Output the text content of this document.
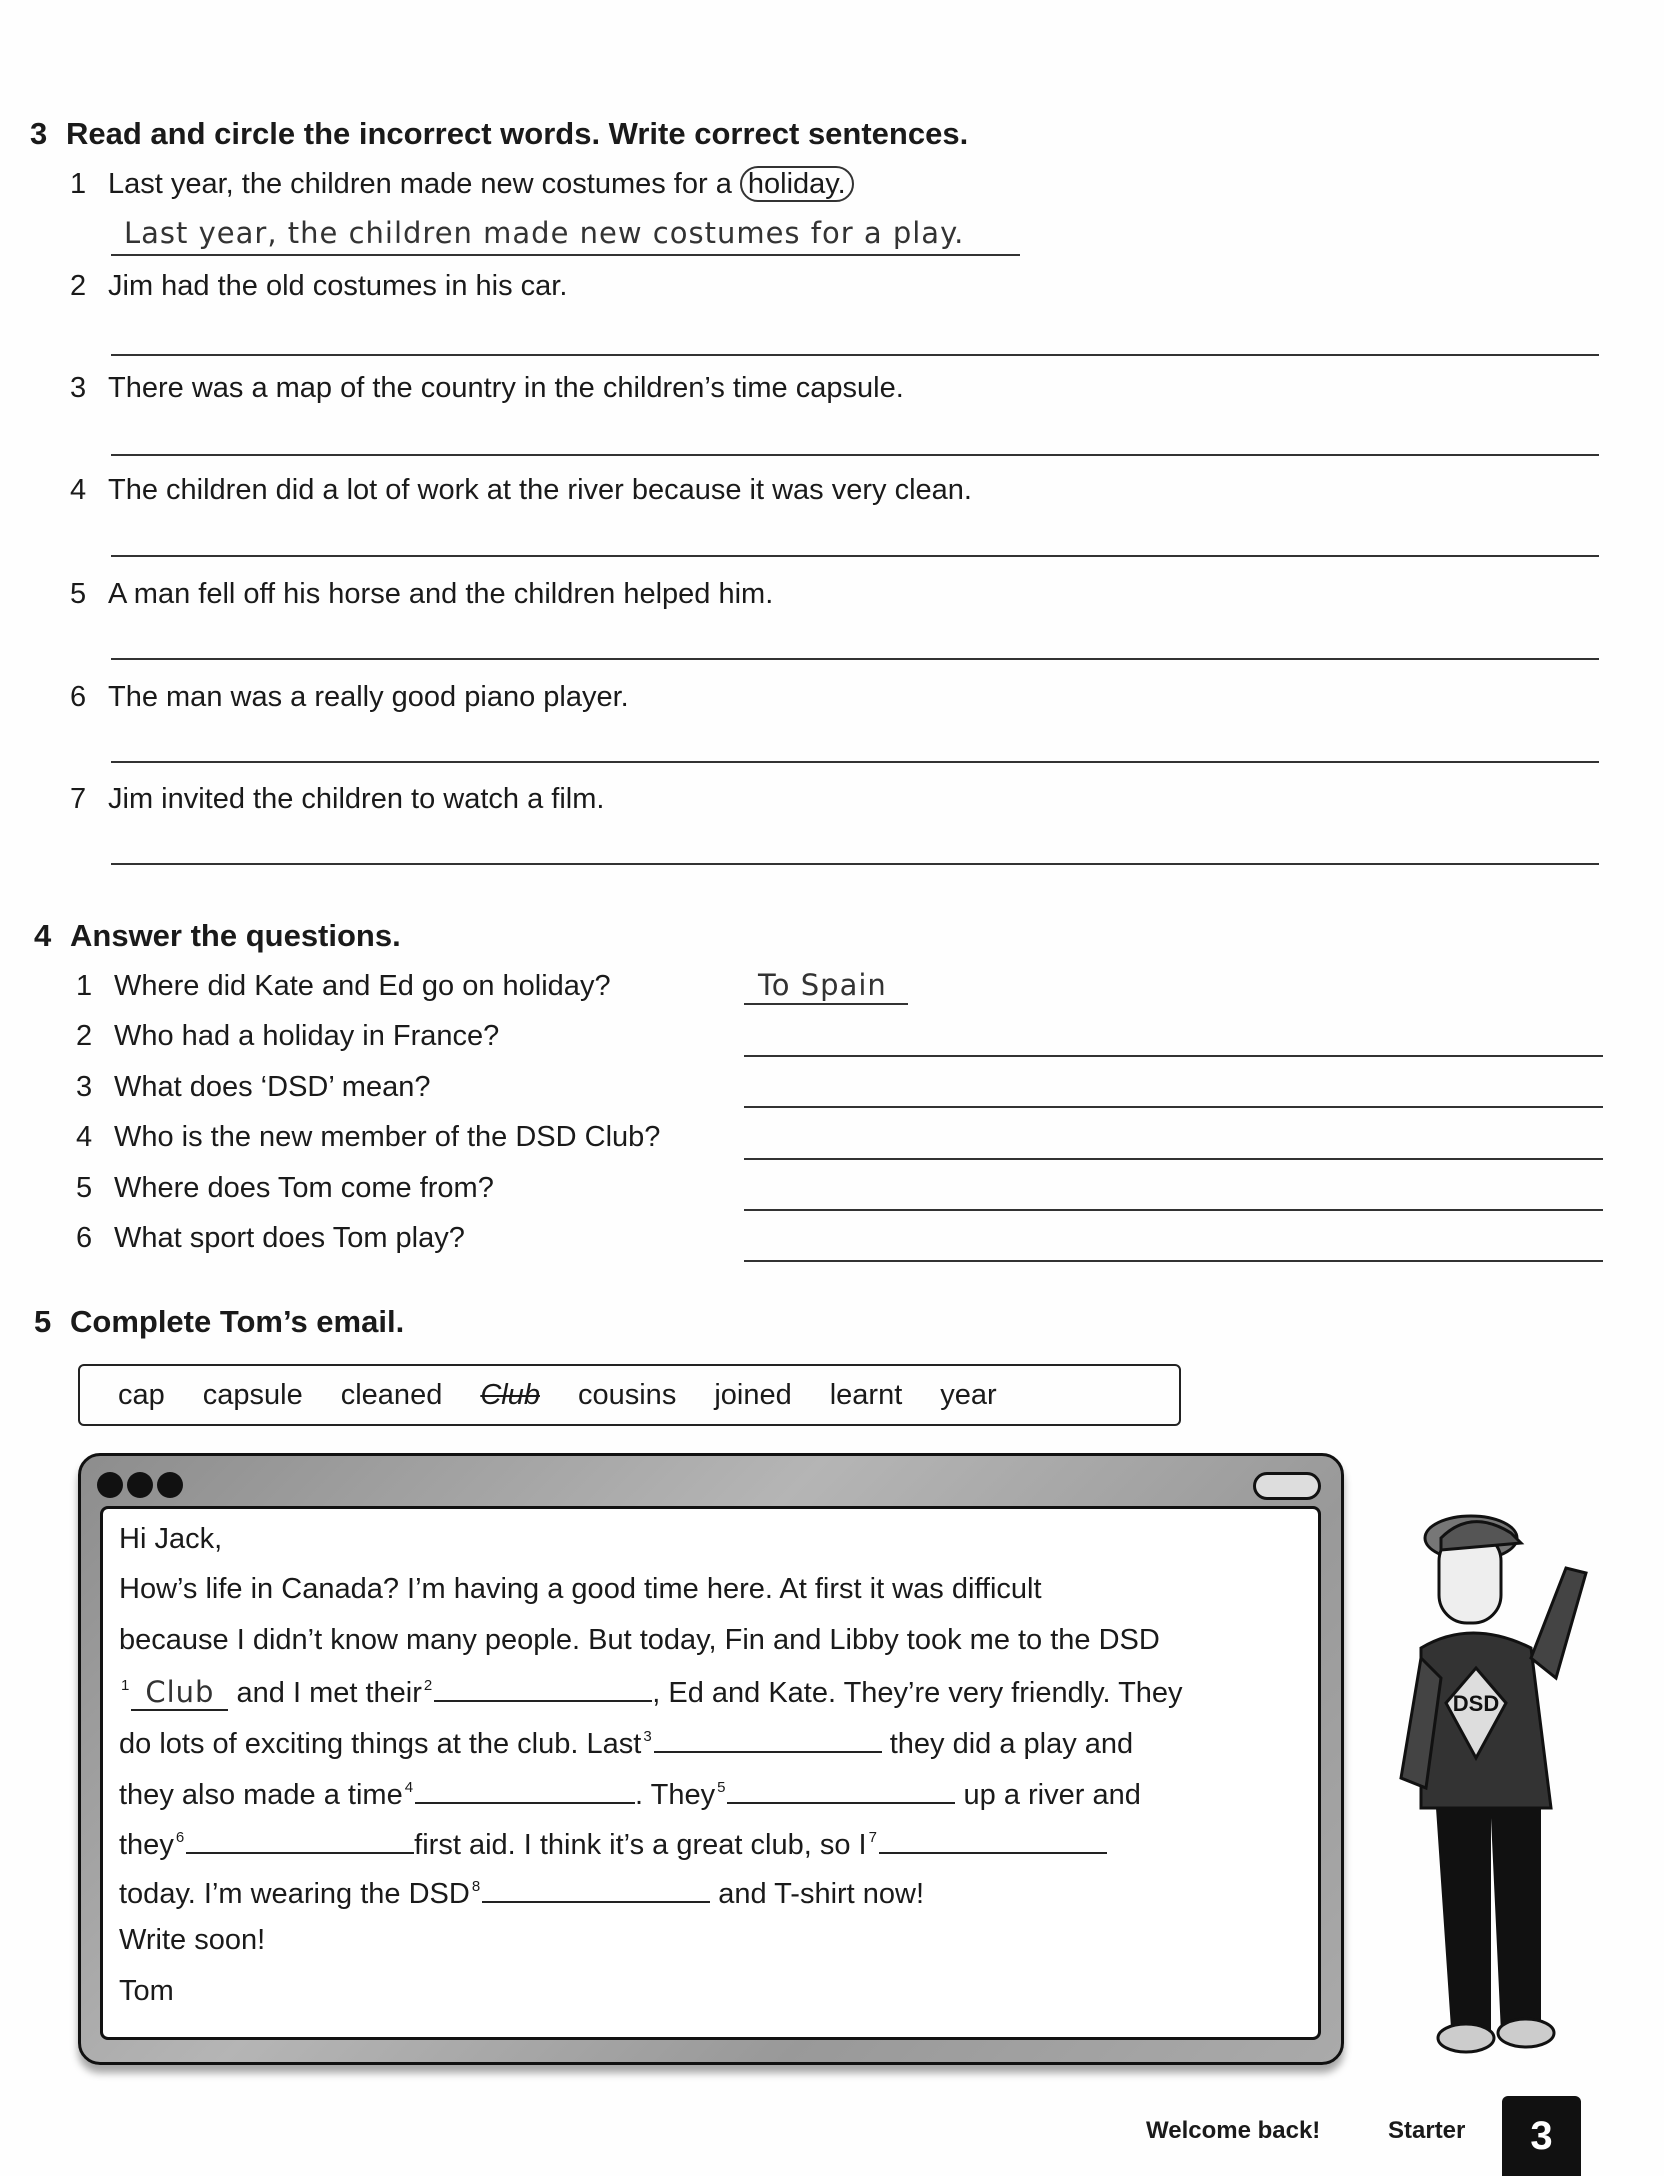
3 Read and circle the incorrect words. Write correct sentences.
1 Last year, the children made new costumes for a holiday.
Last year, the children made new costumes for a play.
2 Jim had the old costumes in his car.
3 There was a map of the country in the children’s time capsule.
4 The children did a lot of work at the river because it was very clean.
5 A man fell off his horse and the children helped him.
6 The man was a really good piano player.
7 Jim invited the children to watch a film.
4 Answer the questions.
1 Where did Kate and Ed go on holiday?	To Spain
2 Who had a holiday in France?
3 What does ‘DSD’ mean?
4 Who is the new member of the DSD Club?
5 Where does Tom come from?
6 What sport does Tom play?
5 Complete Tom’s email.
cap capsule cleaned Club cousins joined learnt year
Hi Jack,
How’s life in Canada? I’m having a good time here. At first it was difficult
because I didn’t know many people. But today, Fin and Libby took me to the DSD
$^1$ Club and I met their $^2$	, Ed and Kate. They’re very friendly. They
do lots of exciting things at the club. Last $^3$	they did a play and
they also made a time $^4$	. They $^5$	up a river and
they $^6$	first aid. I think it’s a great club, so I $^7$
today. I’m wearing the DSD $^8$	and T-shirt now!
Write soon!
Tom
DSD
Welcome back!	Starter	3
